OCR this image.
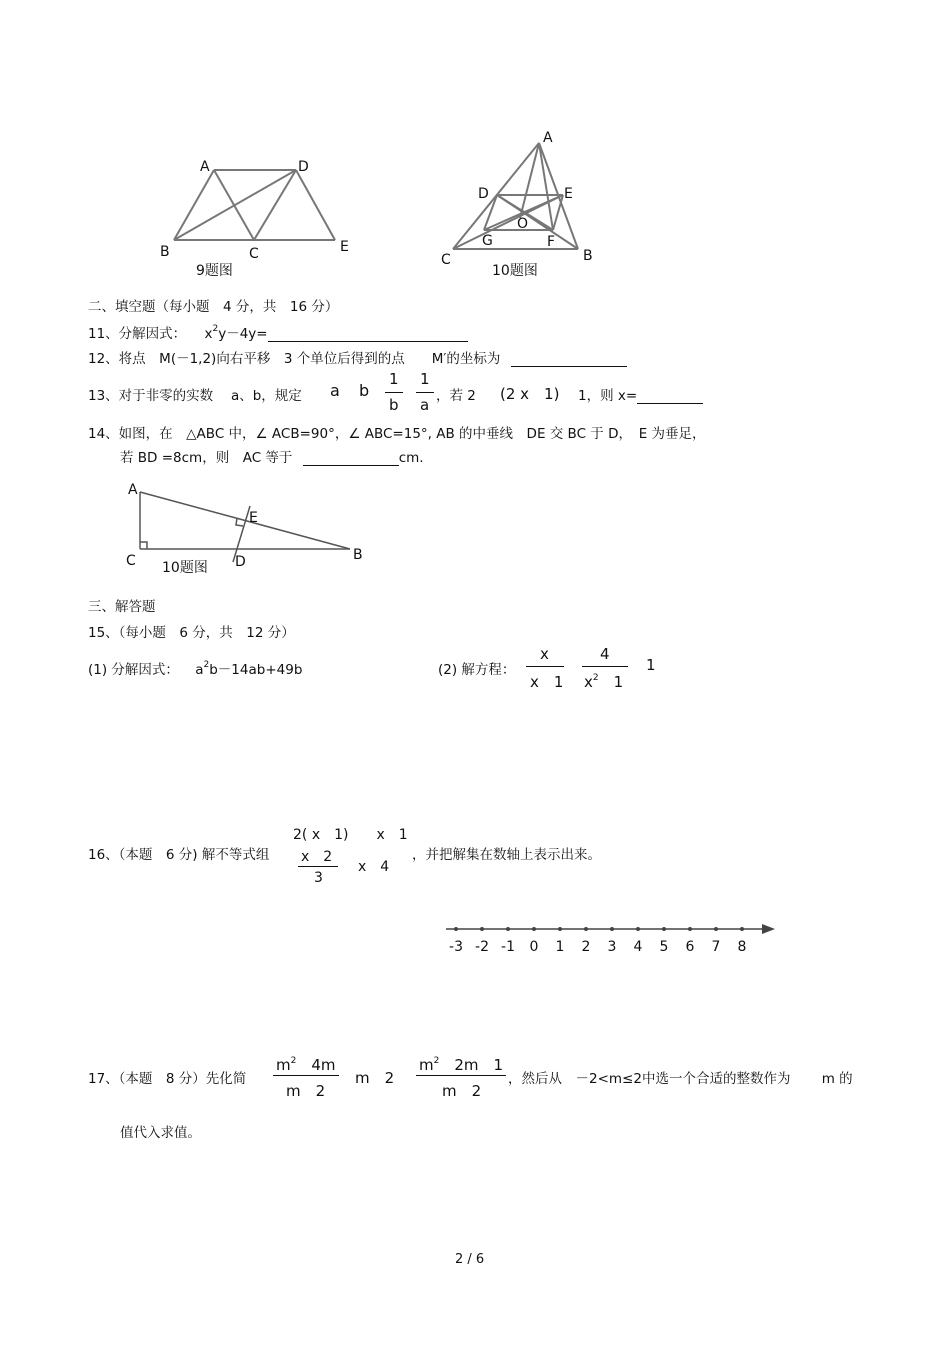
A	D
B	C	E
9题图
A
D	E
O
G	F
C	B
10题图
二、填空题（每小题　4 分，共　16 分）
11、分解因式： $x^2y-4y=$
12、将点　M(－1,2)向右平移　3 个单位后得到的点　　M′的坐标为
13、对于非零的实数　 a、b，规定 a b
1
b
1
a ，若 2 (2 x　1) 1，则 x=
14、如图，在　△ABC 中，∠ ACB=90°，∠ ABC=15°, AB 的中垂线　DE 交 BC 于 D，　E 为垂足，
若 BD =8cm，则　AC 等于	cm.
A
E
C	D	B
10题图
三、解答题
15、（每小题　6 分，共　12 分）
(1) 分解因式： $a^2b-14ab+49b$	(2) 解方程：
x
x　1
4
$x^2$　1
1
16、（本题　6 分) 解不等式组
2( x　1)　　x　1
x　2
3
x　4
，并把解集在数轴上表示出来。
-3 -2 -1 0 1 2 3 4 5 6 7 8
17、（本题　8 分）先化简
$m^2$　4m
m　2
m　2
$m^2$　2m　1
m　2
，然后从　－2<m≤2中选一个合适的整数作为　　 m 的
值代入求值。
2 / 6
